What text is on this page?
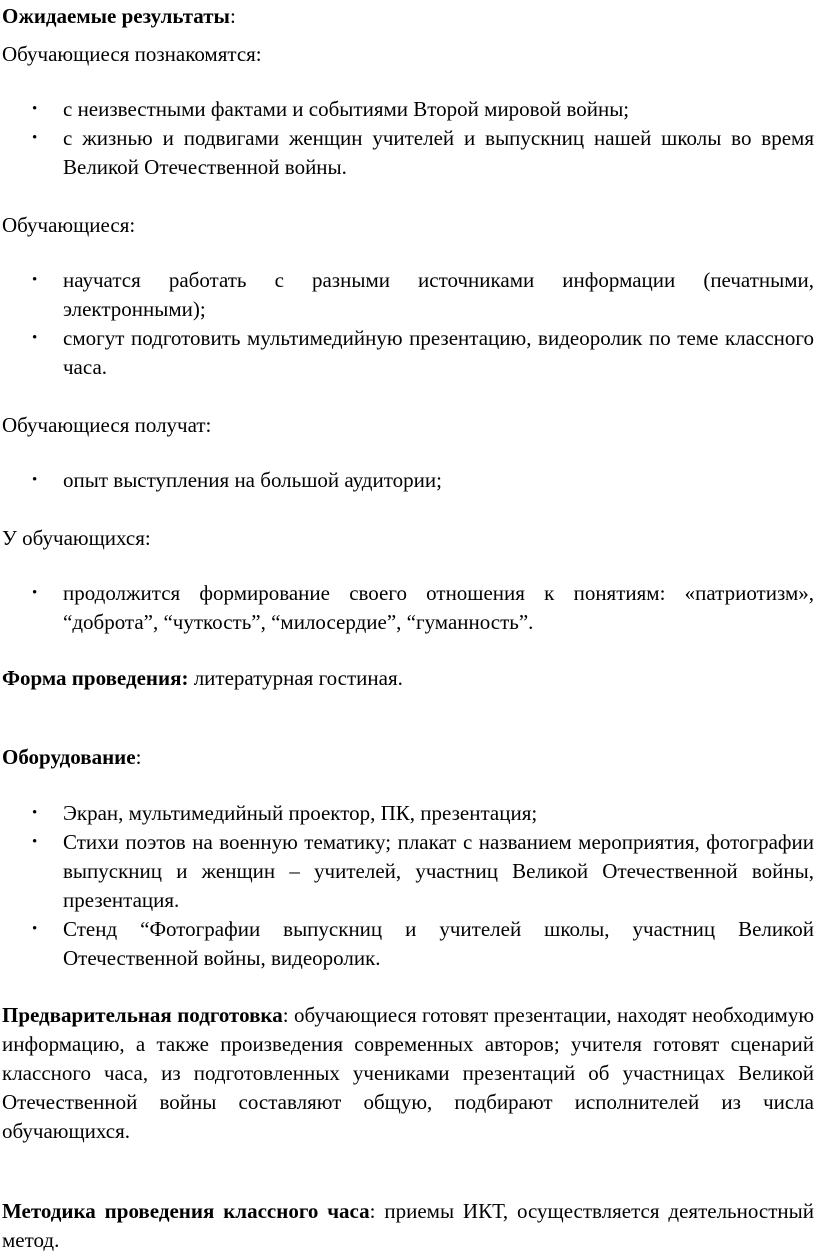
Ожидаемые результаты:

Обучающиеся познакомятся:

• с неизвестными фактами и событиями Второй мировой войны;
• с жизнью и подвигами женщин учителей и выпускниц нашей школы во время Великой Отечественной войны.

Обучающиеся:

• научатся работать с разными источниками информации (печатными, электронными);
• смогут подготовить мультимедийную презентацию, видеоролик по теме классного часа.

Обучающиеся получат:

• опыт выступления на большой аудитории;

У обучающихся:

• продолжится формирование своего отношения к понятиям: «патриотизм», “доброта”, “чуткость”, “милосердие”, “гуманность”.

Форма проведения: литературная гостиная.

Оборудование:

• Экран, мультимедийный проектор, ПК, презентация;
• Стихи поэтов на военную тематику; плакат с названием мероприятия, фотографии выпускниц и женщин – учителей, участниц Великой Отечественной войны, презентация.
• Стенд “Фотографии выпускниц и учителей школы, участниц Великой Отечественной войны, видеоролик.

Предварительная подготовка: обучающиеся готовят презентации, находят необходимую информацию, а также произведения современных авторов; учителя готовят сценарий классного часа, из подготовленных учениками презентаций об участницах Великой Отечественной войны составляют общую, подбирают исполнителей из числа обучающихся.

Методика проведения классного часа: приемы ИКТ, осуществляется деятельностный метод.
